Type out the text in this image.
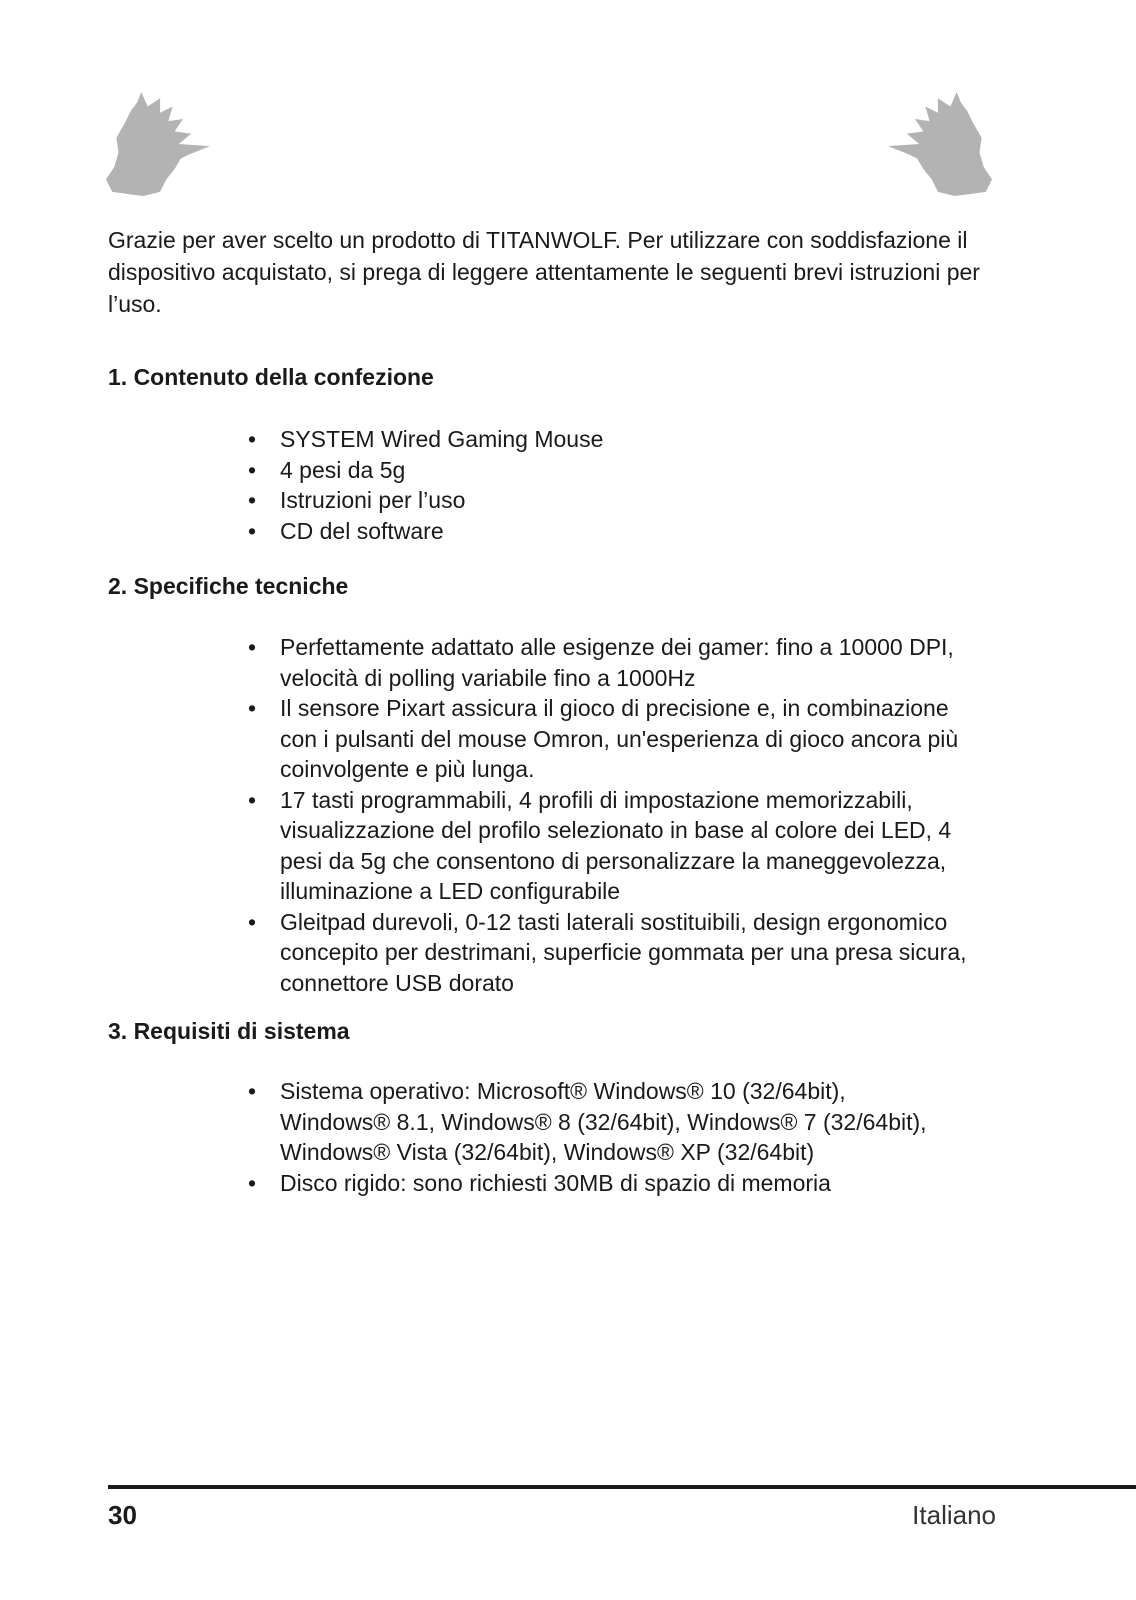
Grazie per aver scelto un prodotto di TITANWOLF. Per utilizzare con soddisfazione il dispositivo acquistato, si prega di leggere attentamente le seguenti brevi istruzioni per l’uso.

1. Contenuto della confezione
• SYSTEM Wired Gaming Mouse
• 4 pesi da 5g
• Istruzioni per l’uso
• CD del software
2. Specifiche tecniche
• Perfettamente adattato alle esigenze dei gamer: fino a 10000 DPI, velocità di polling variabile fino a 1000Hz
• Il sensore Pixart assicura il gioco di precisione e, in combinazione con i pulsanti del mouse Omron, un'esperienza di gioco ancora più coinvolgente e più lunga.
• 17 tasti programmabili, 4 profili di impostazione memorizzabili, visualizzazione del profilo selezionato in base al colore dei LED, 4 pesi da 5g che consentono di personalizzare la maneggevolezza, illuminazione a LED configurabile
• Gleitpad durevoli, 0-12 tasti laterali sostituibili, design ergonomico concepito per destrimani, superficie gommata per una presa sicura, connettore USB dorato
3. Requisiti di sistema
• Sistema operativo: Microsoft® Windows® 10 (32/64bit), Windows® 8.1, Windows® 8 (32/64bit), Windows® 7 (32/64bit), Windows® Vista (32/64bit), Windows® XP (32/64bit)
• Disco rigido: sono richiesti 30MB di spazio di memoria

30	Italiano
